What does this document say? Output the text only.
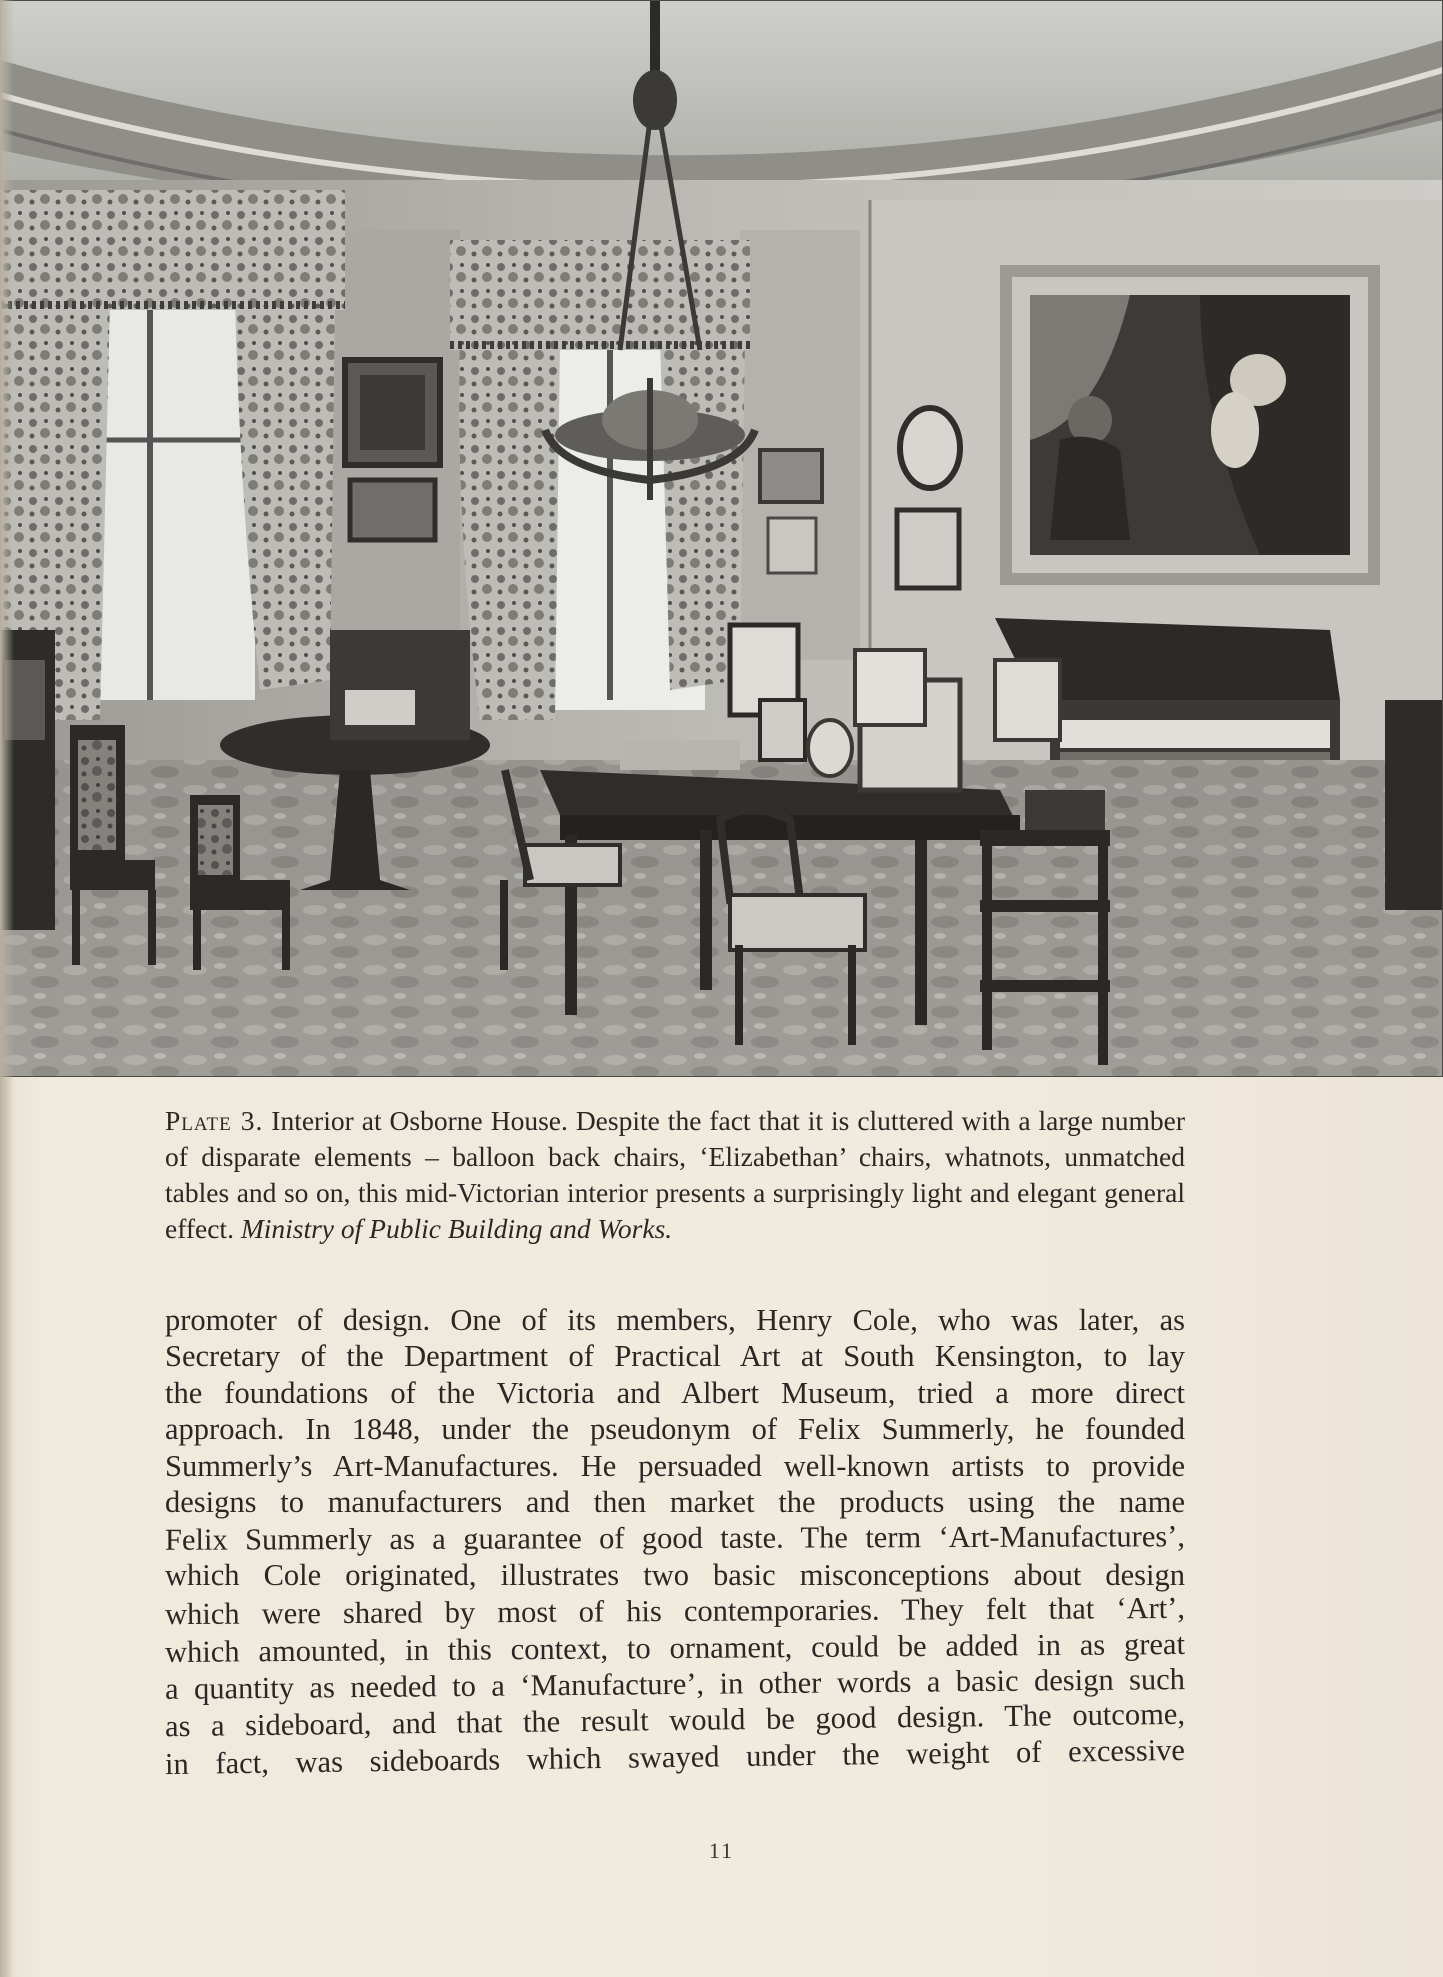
Plate 3. Interior at Osborne House. Despite the fact that it is cluttered with a large number of disparate elements – balloon back chairs, ‘Elizabethan’ chairs, whatnots, unmatched tables and so on, this mid-Victorian interior presents a surprisingly light and elegant general effect. Ministry of Public Building and Works.
promoter of design. One of its members, Henry Cole, who was later, as
Secretary of the Department of Practical Art at South Kensington, to lay
the foundations of the Victoria and Albert Museum, tried a more direct
approach. In 1848, under the pseudonym of Felix Summerly, he founded
Summerly’s Art-Manufactures. He persuaded well-known artists to provide
designs to manufacturers and then market the products using the name
Felix Summerly as a guarantee of good taste. The term ‘Art-Manufactures’,
which Cole originated, illustrates two basic misconceptions about design
which were shared by most of his contemporaries. They felt that ‘Art’,
which amounted, in this context, to ornament, could be added in as great
a quantity as needed to a ‘Manufacture’, in other words a basic design such
as a sideboard, and that the result would be good design. The outcome,
in fact, was sideboards which swayed under the weight of excessive
11
